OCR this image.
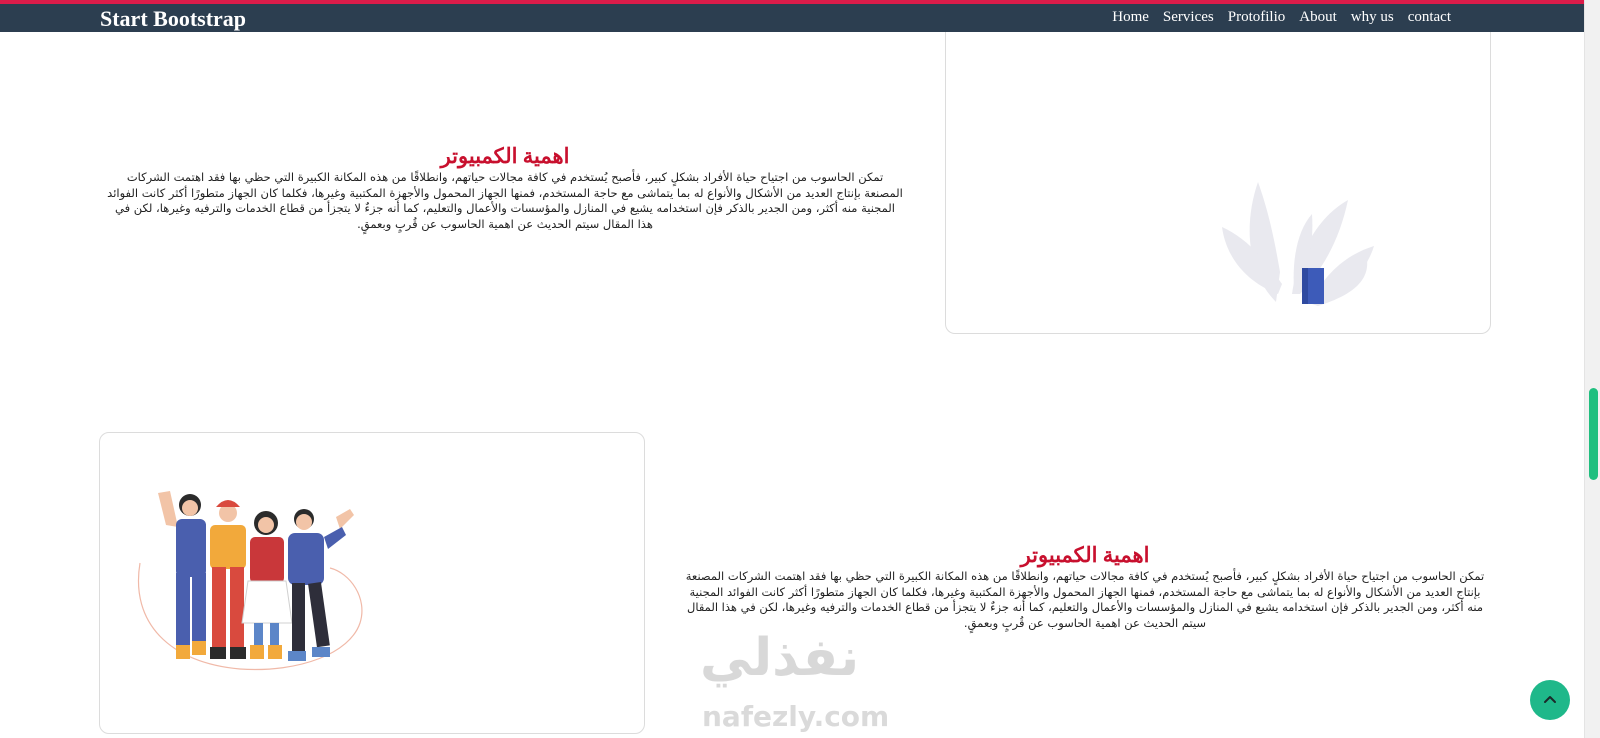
Start Bootstrap	Home Services Protofilio About why us contact
اهمية الكمبيوتر

تمكن الحاسوب من اجتياح حياة الأفراد بشكلٍ كبير، فأصبح يُستخدم في كافة مجالات حياتهم، وانطلاقًا من هذه المكانة الكبيرة التي حظي بها فقد اهتمت الشركات المصنعة بإنتاج العديد من الأشكال والأنواع له بما يتماشى مع حاجة المستخدم، فمنها الجهاز المحمول والأجهزة المكتبية وغيرها، فكلما كان الجهاز متطورًا أكثر كانت الفوائد المجنية منه أكثر، ومن الجدير بالذكر فإن استخدامه يشيع في المنازل والمؤسسات والأعمال والتعليم، كما أنه جزءٌ لا يتجزأ من قطاع الخدمات والترفيه وغيرها، لكن في هذا المقال سيتم الحديث عن اهمية الحاسوب عن قُربٍ وبعمقٍ.

اهمية الكمبيوتر

تمكن الحاسوب من اجتياح حياة الأفراد بشكلٍ كبير، فأصبح يُستخدم في كافة مجالات حياتهم، وانطلاقًا من هذه المكانة الكبيرة التي حظي بها فقد اهتمت الشركات المصنعة بإنتاج العديد من الأشكال والأنواع له بما يتماشى مع حاجة المستخدم، فمنها الجهاز المحمول والأجهزة المكتبية وغيرها، فكلما كان الجهاز متطورًا أكثر كانت الفوائد المجنية منه أكثر، ومن الجدير بالذكر فإن استخدامه يشيع في المنازل والمؤسسات والأعمال والتعليم، كما أنه جزءٌ لا يتجزأ من قطاع الخدمات والترفيه وغيرها، لكن في هذا المقال سيتم الحديث عن اهمية الحاسوب عن قُربٍ وبعمقٍ.

نفذلي
nafezly.com
